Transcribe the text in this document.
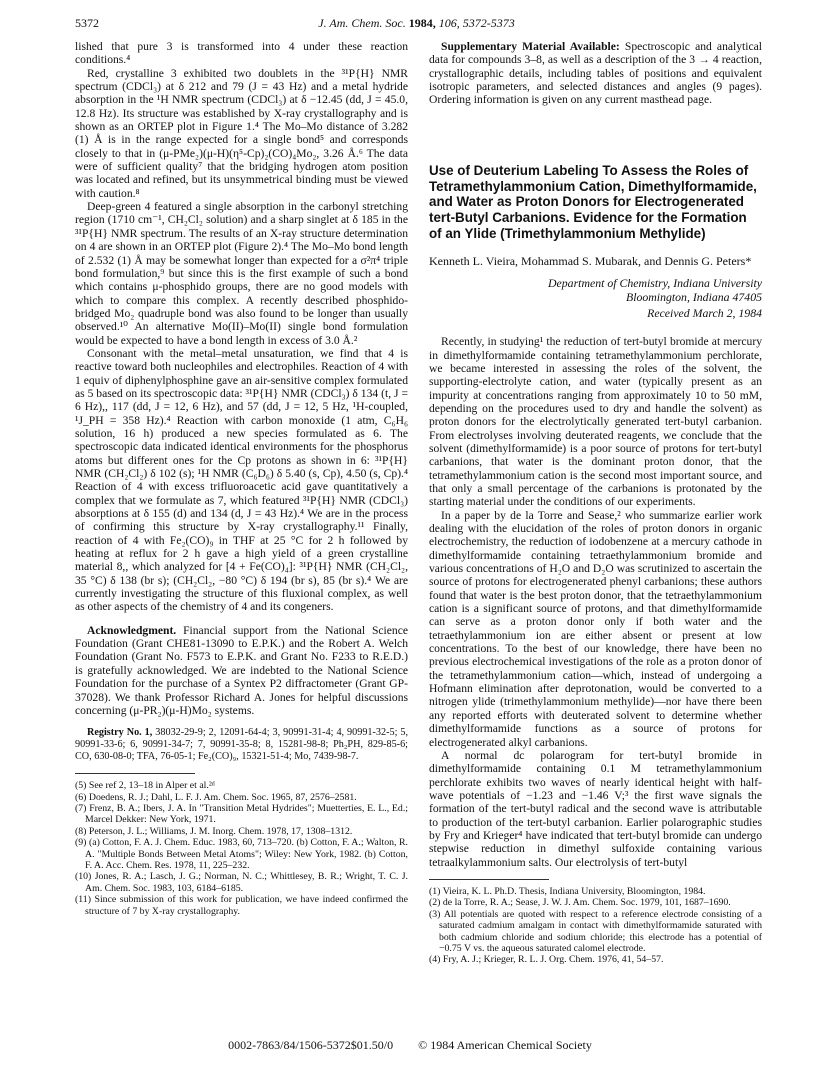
5372	J. Am. Chem. Soc. 1984, 106, 5372-5373

lished that pure 3 is transformed into 4 under these reaction conditions.⁴

Red, crystalline 3 exhibited two doublets in the ³¹P{H} NMR spectrum (CDCl₃) at δ 212 and 79 (J = 43 Hz) and a metal hydride absorption in the ¹H NMR spectrum (CDCl₃) at δ −12.45 (dd, J = 45.0, 12.8 Hz). Its structure was established by X-ray crystallography and is shown as an ORTEP plot in Figure 1.⁴ The Mo–Mo distance of 3.282 (1) Å is in the range expected for a single bond⁵ and corresponds closely to that in (μ-PMe₂)(μ-H)(η⁵-Cp)₂(CO)₄Mo₂, 3.26 Å.⁶ The data were of sufficient quality⁷ that the bridging hydrogen atom position was located and refined, but its unsymmetrical binding must be viewed with caution.⁸

Deep-green 4 featured a single absorption in the carbonyl stretching region (1710 cm⁻¹, CH₂Cl₂ solution) and a sharp singlet at δ 185 in the ³¹P{H} NMR spectrum. The results of an X-ray structure determination on 4 are shown in an ORTEP plot (Figure 2).⁴ The Mo–Mo bond length of 2.532 (1) Å may be somewhat longer than expected for a σ²π⁴ triple bond formulation,⁹ but since this is the first example of such a bond which contains μ-phosphido groups, there are no good models with which to compare this complex. A recently described phosphido-bridged Mo₂ quadruple bond was also found to be longer than usually observed.¹⁰ An alternative Mo(II)–Mo(II) single bond formulation would be expected to have a bond length in excess of 3.0 Å.²

Consonant with the metal–metal unsaturation, we find that 4 is reactive toward both nucleophiles and electrophiles. Reaction of 4 with 1 equiv of diphenylphosphine gave an air-sensitive complex formulated as 5 based on its spectroscopic data: ³¹P{H} NMR (CDCl₃) δ 134 (t, J = 6 Hz),, 117 (dd, J = 12, 6 Hz), and 57 (dd, J = 12, 5 Hz, ¹H-coupled, ¹J_PH = 358 Hz).⁴ Reaction with carbon monoxide (1 atm, C₆H₆ solution, 16 h) produced a new species formulated as 6. The spectroscopic data indicated identical environments for the phosphorus atoms but different ones for the Cp protons as shown in 6: ³¹P{H} NMR (CH₂Cl₂) δ 102 (s); ¹H NMR (C₆D₆) δ 5.40 (s, Cp), 4.50 (s, Cp).⁴ Reaction of 4 with excess trifluoroacetic acid gave quantitatively a complex that we formulate as 7, which featured ³¹P{H} NMR (CDCl₃) absorptions at δ 155 (d) and 134 (d, J = 43 Hz).⁴ We are in the process of confirming this structure by X-ray crystallography.¹¹ Finally, reaction of 4 with Fe₂(CO)₉ in THF at 25 °C for 2 h followed by heating at reflux for 2 h gave a high yield of a green crystalline material 8,, which analyzed for [4 + Fe(CO)₄]: ³¹P{H} NMR (CH₂Cl₂, 35 °C) δ 138 (br s); (CH₂Cl₂, −80 °C) δ 194 (br s), 85 (br s).⁴ We are currently investigating the structure of this fluxional complex, as well as other aspects of the chemistry of 4 and its congeners.

Acknowledgment. Financial support from the National Science Foundation (Grant CHE81-13090 to E.P.K.) and the Robert A. Welch Foundation (Grant No. F573 to E.P.K. and Grant No. F233 to R.E.D.) is gratefully acknowledged. We are indebted to the National Science Foundation for the purchase of a Syntex P2 diffractometer (Grant GP-37028). We thank Professor Richard A. Jones for helpful discussions concerning (μ-PR₂)(μ-H)Mo₂ systems.

Registry No. 1, 38032-29-9; 2, 12091-64-4; 3, 90991-31-4; 4, 90991-32-5; 5, 90991-33-6; 6, 90991-34-7; 7, 90991-35-8; 8, 15281-98-8; Ph₂PH, 829-85-6; CO, 630-08-0; TFA, 76-05-1; Fe₂(CO)₉, 15321-51-4; Mo, 7439-98-7.

(5) See ref 2, 13–18 in Alper et al.²ᵈ
(6) Doedens, R. J.; Dahl, L. F. J. Am. Chem. Soc. 1965, 87, 2576–2581.
(7) Frenz, B. A.; Ibers, J. A. In "Transition Metal Hydrides"; Muetterties, E. L., Ed.; Marcel Dekker: New York, 1971.
(8) Peterson, J. L.; Williams, J. M. Inorg. Chem. 1978, 17, 1308–1312.
(9) (a) Cotton, F. A. J. Chem. Educ. 1983, 60, 713–720. (b) Cotton, F. A.; Walton, R. A. "Multiple Bonds Between Metal Atoms"; Wiley: New York, 1982. (b) Cotton, F. A. Acc. Chem. Res. 1978, 11, 225–232.
(10) Jones, R. A.; Lasch, J. G.; Norman, N. C.; Whittlesey, B. R.; Wright, T. C. J. Am. Chem. Soc. 1983, 103, 6184–6185.
(11) Since submission of this work for publication, we have indeed confirmed the structure of 7 by X-ray crystallography.

Supplementary Material Available: Spectroscopic and analytical data for compounds 3–8, as well as a description of the 3 → 4 reaction, crystallographic details, including tables of positions and equivalent isotropic parameters, and selected distances and angles (9 pages). Ordering information is given on any current masthead page.

Use of Deuterium Labeling To Assess the Roles of Tetramethylammonium Cation, Dimethylformamide, and Water as Proton Donors for Electrogenerated tert-Butyl Carbanions. Evidence for the Formation of an Ylide (Trimethylammonium Methylide)
Kenneth L. Vieira, Mohammad S. Mubarak, and Dennis G. Peters*

Department of Chemistry, Indiana University

Bloomington, Indiana 47405

Received March 2, 1984

Recently, in studying¹ the reduction of tert-butyl bromide at mercury in dimethylformamide containing tetramethylammonium perchlorate, we became interested in assessing the roles of the solvent, the supporting-electrolyte cation, and water (typically present as an impurity at concentrations ranging from approximately 10 to 50 mM, depending on the procedures used to dry and handle the solvent) as proton donors for the electrolytically generated tert-butyl carbanion. From electrolyses involving deuterated reagents, we conclude that the solvent (dimethylformamide) is a poor source of protons for tert-butyl carbanions, that water is the dominant proton donor, that the tetramethylammonium cation is the second most important source, and that only a small percentage of the carbanions is protonated by the starting material under the conditions of our experiments.

In a paper by de la Torre and Sease,² who summarize earlier work dealing with the elucidation of the roles of proton donors in organic electrochemistry, the reduction of iodobenzene at a mercury cathode in dimethylformamide containing tetraethylammonium bromide and various concentrations of H₂O and D₂O was scrutinized to ascertain the source of protons for electrogenerated phenyl carbanions; these authors found that water is the best proton donor, that the tetraethylammonium cation is a significant source of protons, and that dimethylformamide can serve as a proton donor only if both water and the tetraethylammonium ion are either absent or present at low concentrations. To the best of our knowledge, there have been no previous electrochemical investigations of the role as a proton donor of the tetramethylammonium cation—which, instead of undergoing a Hofmann elimination after deprotonation, would be converted to a nitrogen ylide (trimethylammonium methylide)—nor have there been any reported efforts with deuterated solvent to determine whether dimethylformamide functions as a source of protons for electrogenerated alkyl carbanions.

A normal dc polarogram for tert-butyl bromide in dimethylformamide containing 0.1 M tetramethylammonium perchlorate exhibits two waves of nearly identical height with half-wave potentials of −1.23 and −1.46 V;³ the first wave signals the formation of the tert-butyl radical and the second wave is attributable to production of the tert-butyl carbanion. Earlier polarographic studies by Fry and Krieger⁴ have indicated that tert-butyl bromide can undergo stepwise reduction in dimethyl sulfoxide containing various tetraalkylammonium salts. Our electrolysis of tert-butyl

(1) Vieira, K. L. Ph.D. Thesis, Indiana University, Bloomington, 1984.
(2) de la Torre, R. A.; Sease, J. W. J. Am. Chem. Soc. 1979, 101, 1687–1690.
(3) All potentials are quoted with respect to a reference electrode consisting of a saturated cadmium amalgam in contact with dimethylformamide saturated with both cadmium chloride and sodium chloride; this electrode has a potential of −0.75 V vs. the aqueous saturated calomel electrode.
(4) Fry, A. J.; Krieger, R. L. J. Org. Chem. 1976, 41, 54–57.
0002-7863/84/1506-5372$01.50/0 © 1984 American Chemical Society
